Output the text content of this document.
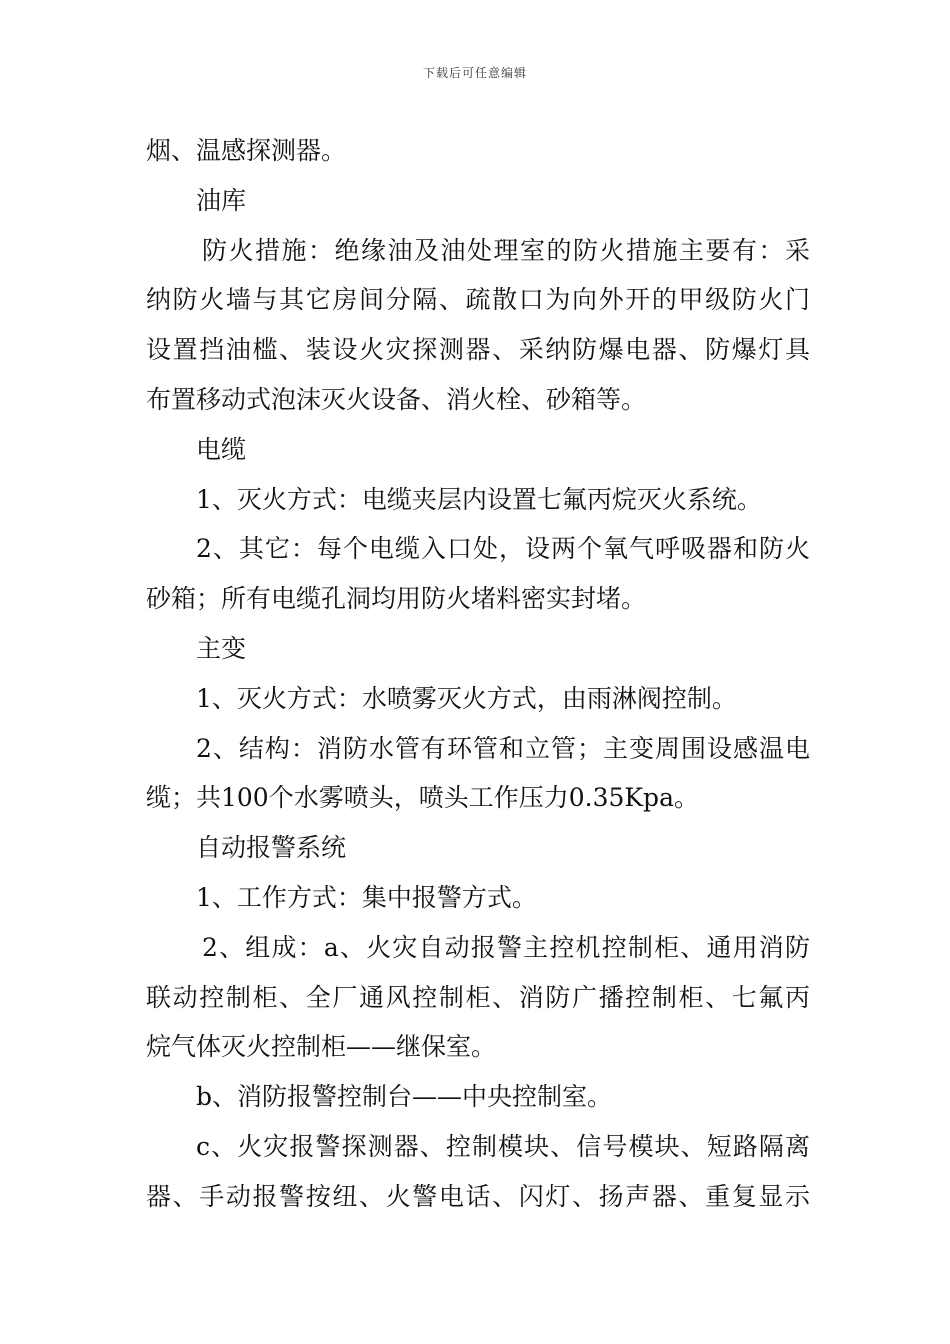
下载后可任意编辑
烟、温感探测器。
油库
防火措施：绝缘油及油处理室的防火措施主要有：采
纳防火墙与其它房间分隔、疏散口为向外开的甲级防火门
设置挡油槛、装设火灾探测器、采纳防爆电器、防爆灯具
布置移动式泡沫灭火设备、消火栓、砂箱等。
电缆
1、灭火方式：电缆夹层内设置七氟丙烷灭火系统。
2、其它：每个电缆入口处，设两个氧气呼吸器和防火
砂箱；所有电缆孔洞均用防火堵料密实封堵。
主变
1、灭火方式：水喷雾灭火方式，由雨淋阀控制。
2、结构：消防水管有环管和立管；主变周围设感温电
缆；共100个水雾喷头，喷头工作压力0.35Kpa。
自动报警系统
1、工作方式：集中报警方式。
2、组成：a、火灾自动报警主控机控制柜、通用消防
联动控制柜、全厂通风控制柜、消防广播控制柜、七氟丙
烷气体灭火控制柜——继保室。
b、消防报警控制台——中央控制室。
c、火灾报警探测器、控制模块、信号模块、短路隔离
器、手动报警按纽、火警电话、闪灯、扬声器、重复显示
